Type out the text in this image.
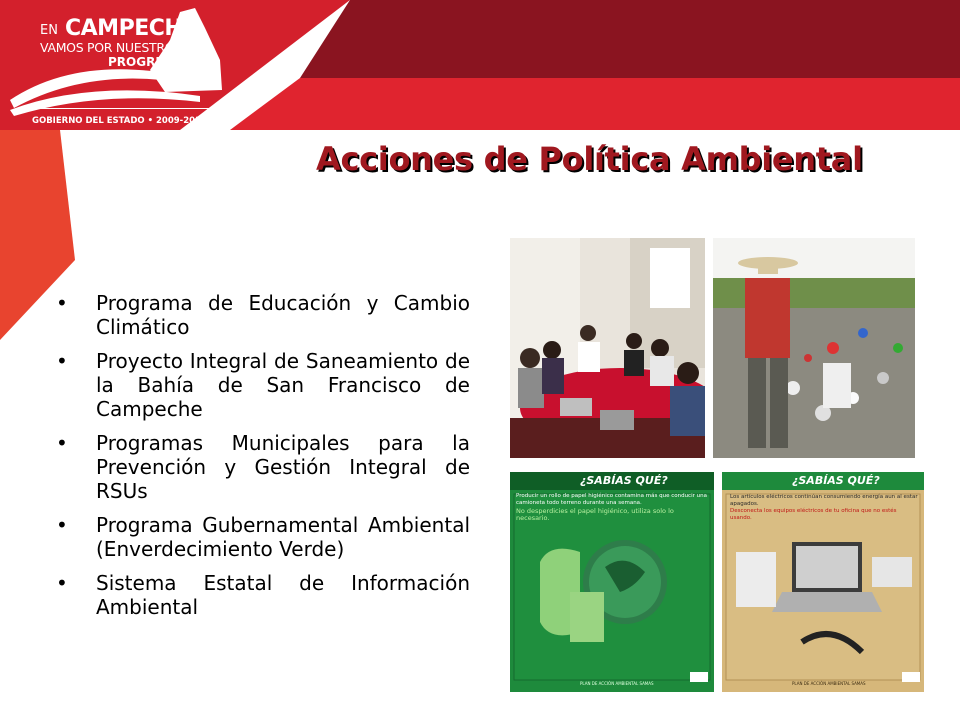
EN CAMPECHE
VAMOS POR NUESTRO
PROGRESO
GOBIERNO DEL ESTADO • 2009-2015
Acciones de Política Ambiental
• Programa de Educación y Cambio Climático
• Proyecto Integral de Saneamiento de la Bahía de San Francisco de Campeche
• Programas Municipales para la Prevención y Gestión Integral de RSUs
• Programa Gubernamental Ambiental (Enverdecimiento Verde)
• Sistema Estatal de Información Ambiental
¿SABÍAS QUÉ?
Producir un rollo de papel higiénico contamina más que conducir una camioneta todo terreno durante una semana.
No desperdicies el papel higiénico, utiliza solo lo necesario.
PLAN DE ACCIÓN AMBIENTAL SAMAS
¿SABÍAS QUÉ?
Los artículos eléctricos continúan consumiendo energía aun al estar apagados.
Desconecta los equipos eléctricos de tu oficina que no estés usando.
PLAN DE ACCIÓN AMBIENTAL SAMAS
